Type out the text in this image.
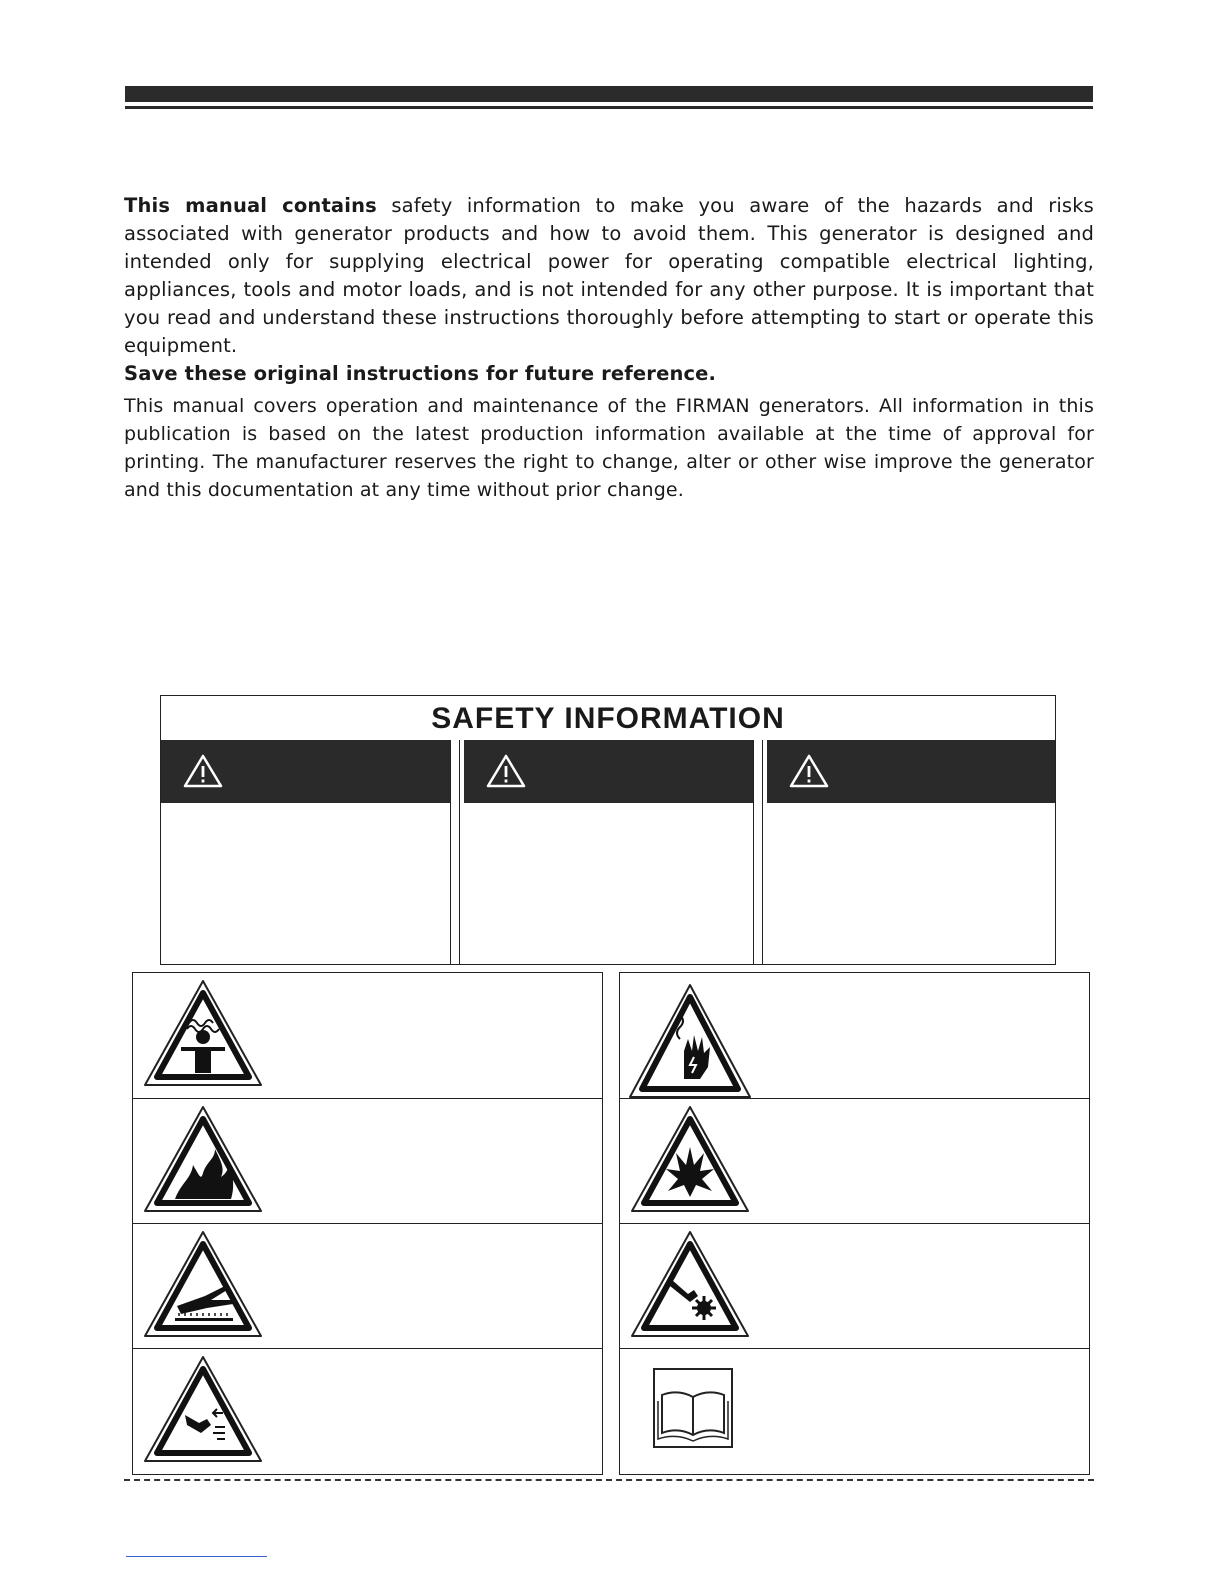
This manual contains safety information to make you aware of the hazards and risks associated with generator products and how to avoid them. This generator is designed and intended only for supplying electrical power for operating compatible electrical lighting, appliances, tools and motor loads, and is not intended for any other purpose. It is important that you read and understand these instructions thoroughly before attempting to start or operate this equipment.
Save these original instructions for future reference.

This manual covers operation and maintenance of the FIRMAN generators. All information in this publication is based on the latest production information available at the time of approval for printing. The manufacturer reserves the right to change, alter or other wise improve the generator and this documentation at any time without prior change.

SAFETY INFORMATION
